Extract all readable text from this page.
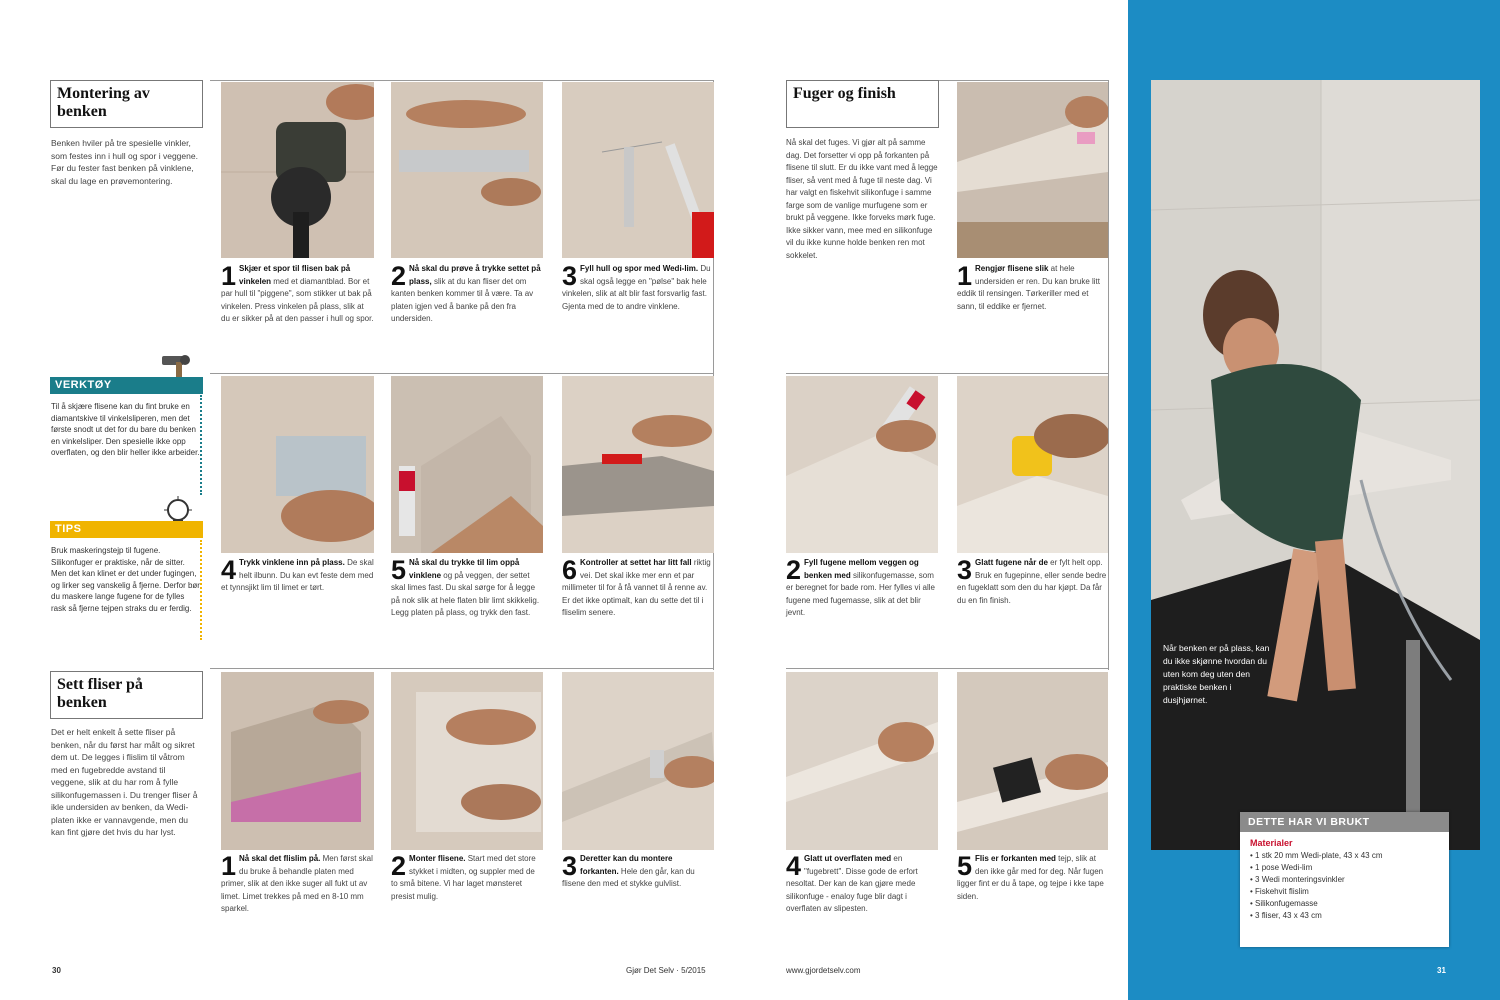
Montering av benken
Benken hviler på tre spesielle vinkler, som festes inn i hull og spor i veggene. Før du fester fast benken på vinklene, skal du lage en prøvemontering.
1 Skjær et spor til flisen bak på vinkelen med et diamantblad. Bor et par hull til "piggene", som stikker ut bak på vinkelen. Press vinkelen på plass, slik at du er sikker på at den passer i hull og spor.
2 Nå skal du prøve å trykke settet på plass, slik at du kan fliser det om kanten benken kommer til å være. Ta av platen igjen ved å banke på den fra undersiden.
3 Fyll hull og spor med Wedi-lim. Du skal også legge en "pølse" bak hele vinkelen, slik at alt blir fast forsvarlig fast. Gjenta med de to andre vinklene.
4 Trykk vinklene inn på plass. De skal helt ilbunn. Du kan evt feste dem med et tynnsjikt lim til limet er tørt.
5 Nå skal du trykke til lim oppå vinklene og på veggen, der settet skal limes fast. Du skal sørge for å legge på nok slik at hele flaten blir limt skikkelig. Legg platen på plass, og trykk den fast.
6 Kontroller at settet har litt fall riktig vei. Det skal ikke mer enn et par millimeter til for å få vannet til å renne av. Er det ikke optimalt, kan du sette det til i fliselim senere.
VERKTØY
Til å skjære flisene kan du fint bruke en diamantskive til vinkelsliperen, men det første snodt ut det for du bare du benken en vinkelsliper. Den spesielle ikke opp overflaten, og den blir heller ikke arbeider.
TIPS
Bruk maskeringstejp til fugene. Silikonfuger er praktiske, når de sitter. Men det kan klinet er det under fugingen, og lirker seg vanskelig å fjerne. Derfor bør du maskere lange fugene for de fylles rask så fjerne tejpen straks du er ferdig.
Sett fliser på benken
Det er helt enkelt å sette fliser på benken, når du først har målt og sikret dem ut. De legges i flislim til våtrom med en fugebredde avstand til veggene, slik at du har rom å fylle silikonfugemassen i. Du trenger fliser å ikle undersiden av benken, da Wedi-platen ikke er vannavgende, men du kan fint gjøre det hvis du har lyst.
1 Nå skal det flislim på. Men først skal du bruke å behandle platen med primer, slik at den ikke suger all fukt ut av limet. Limet trekkes på med en 8-10 mm sparkel.
2 Monter flisene. Start med det store stykket i midten, og suppler med de to små bitene. Vi har laget mønsteret presist mulig.
3 Deretter kan du montere forkanten. Hele den går, kan du flisene den med et stykke gulvlist.
30	Gjør Det Selv · 5/2015
Fuger og finish
Nå skal det fuges. Vi gjør alt på samme dag. Det forsetter vi opp på forkanten på flisene til slutt. Er du ikke vant med å legge fliser, så vent med å fuge til neste dag. Vi har valgt en fiskehvit silikonfuge i samme farge som de vanlige murfugene som er brukt på veggene. Ikke forveks mørk fuge. Ikke sikker vann, mee med en silikonfuge vil du ikke kunne holde benken ren mot sokkelet.
1 Rengjør flisene slik at hele undersiden er ren. Du kan bruke litt eddik til rensingen. Tørkeriller med et sann, til eddike er fjernet.
2 Fyll fugene mellom veggen og benken med silikonfugemasse, som er beregnet for bade rom. Her fylles vi alle fugene med fugemasse, slik at det blir jevnt.
3 Glatt fugene når de er fylt helt opp. Bruk en fugepinne, eller sende bedre en fugeklatt som den du har kjøpt. Da får du en fin finish.
4 Glatt ut overflaten med en "fugebrett". Disse gode de erfort nesoltat. Der kan de kan gjøre mede silikonfuge - enaloy fuge blir dagt i overflaten av slipesten.
5 Flis er forkanten med tejp, slik at den ikke går med for deg. Når fugen ligger fint er du å tape, og tejpe i kke tape siden.
www.gjordetselv.com
Når benken er på plass, kan du ikke skjønne hvordan du uten kom deg uten den praktiske benken i dusjhjørnet.
DETTE HAR VI BRUKT
Materialer
• 1 stk 20 mm Wedi-plate, 43 x 43 cm
• 1 pose Wedi-lim
• 3 Wedi monteringsvinkler
• Fiskehvit flislim
• Silikonfugemasse
• 3 fliser, 43 x 43 cm
31
